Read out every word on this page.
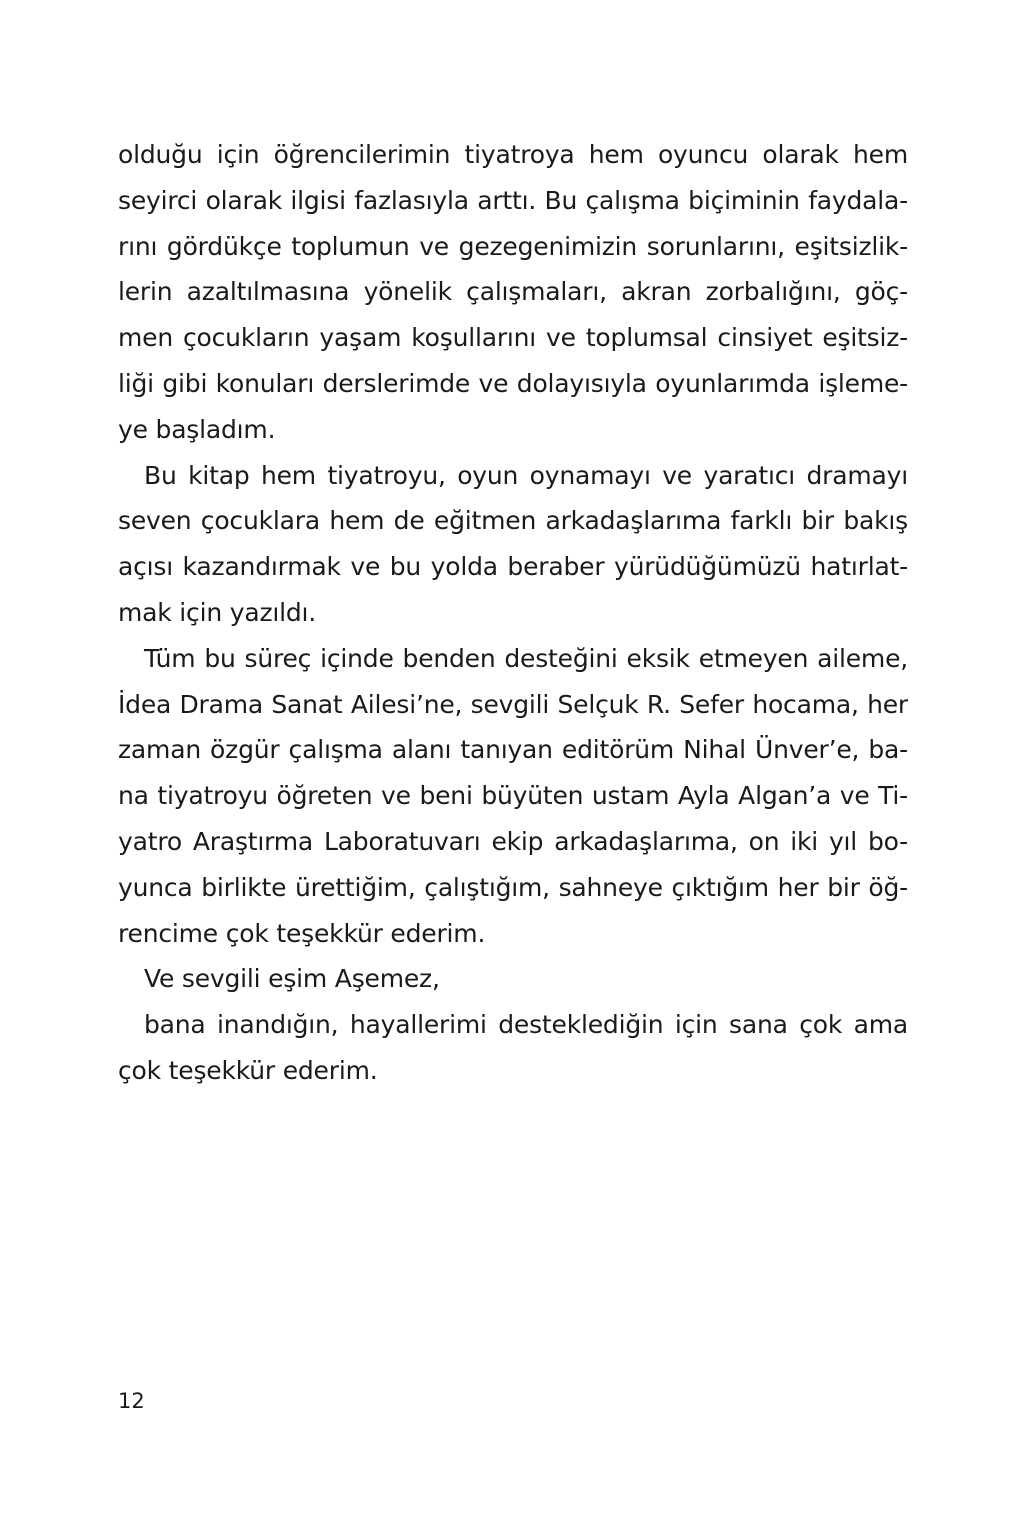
olduğu için öğrencilerimin tiyatroya hem oyuncu olarak hem
seyirci olarak ilgisi fazlasıyla arttı. Bu çalışma biçiminin faydala-
rını gördükçe toplumun ve gezegenimizin sorunlarını, eşitsizlik-
lerin azaltılmasına yönelik çalışmaları, akran zorbalığını, göç-
men çocukların yaşam koşullarını ve toplumsal cinsiyet eşitsiz-
liği gibi konuları derslerimde ve dolayısıyla oyunlarımda işleme-
ye başladım.
Bu kitap hem tiyatroyu, oyun oynamayı ve yaratıcı dramayı
seven çocuklara hem de eğitmen arkadaşlarıma farklı bir bakış
açısı kazandırmak ve bu yolda beraber yürüdüğümüzü hatırlat-
mak için yazıldı.
Tüm bu süreç içinde benden desteğini eksik etmeyen aileme,
İdea Drama Sanat Ailesi’ne, sevgili Selçuk R. Sefer hocama, her
zaman özgür çalışma alanı tanıyan editörüm Nihal Ünver’e, ba-
na tiyatroyu öğreten ve beni büyüten ustam Ayla Algan’a ve Ti-
yatro Araştırma Laboratuvarı ekip arkadaşlarıma, on iki yıl bo-
yunca birlikte ürettiğim, çalıştığım, sahneye çıktığım her bir öğ-
rencime çok teşekkür ederim.
Ve sevgili eşim Aşemez,
bana inandığın, hayallerimi desteklediğin için sana çok ama
çok teşekkür ederim.
12
